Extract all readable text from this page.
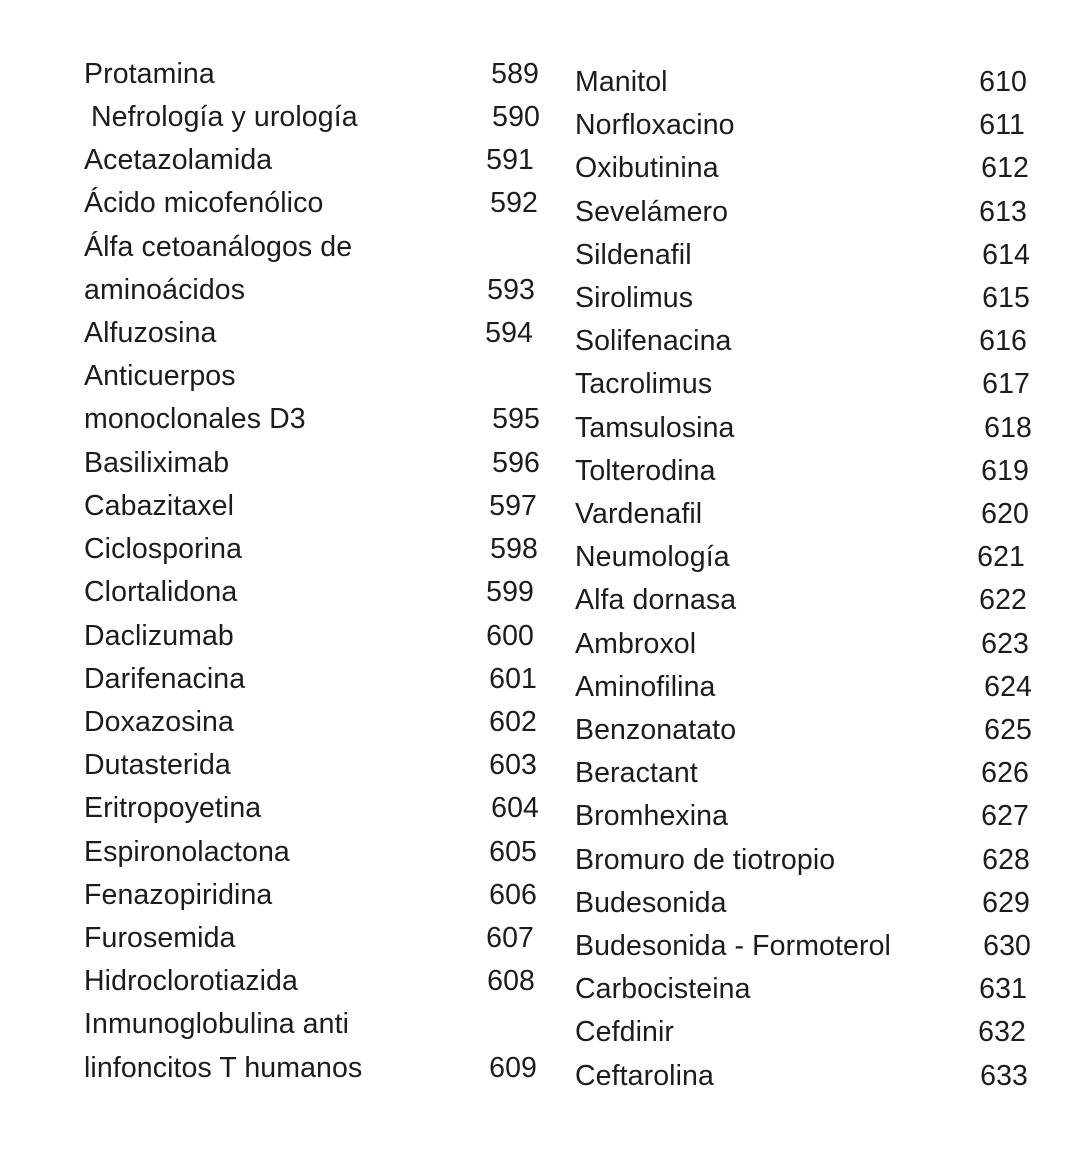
Protamina	589
Nefrología y urología	590
Acetazolamida	591
Ácido micofenólico	592
Álfa cetoanálogos de
aminoácidos	593
Alfuzosina	594
Anticuerpos
monoclonales D3	595
Basiliximab	596
Cabazitaxel	597
Ciclosporina	598
Clortalidona	599
Daclizumab	600
Darifenacina	601
Doxazosina	602
Dutasterida	603
Eritropoyetina	604
Espironolactona	605
Fenazopiridina	606
Furosemida	607
Hidroclorotiazida	608
Inmunoglobulina anti
linfoncitos T humanos	609
Manitol	610
Norfloxacino	611
Oxibutinina	612
Sevelámero	613
Sildenafil	614
Sirolimus	615
Solifenacina	616
Tacrolimus	617
Tamsulosina	618
Tolterodina	619
Vardenafil	620
Neumología	621
Alfa dornasa	622
Ambroxol	623
Aminofilina	624
Benzonatato	625
Beractant	626
Bromhexina	627
Bromuro de tiotropio	628
Budesonida	629
Budesonida - Formoterol	630
Carbocisteina	631
Cefdinir	632
Ceftarolina	633
